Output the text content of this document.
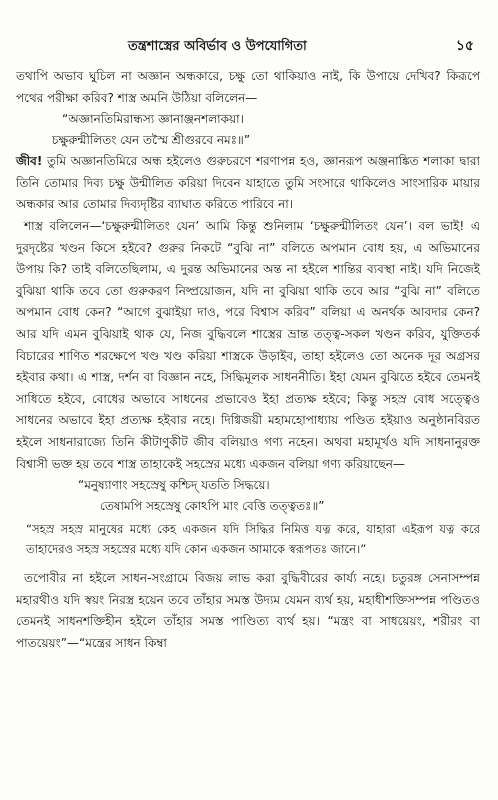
তন্ত্রশাস্ত্রের অবির্ভাব ও উপযোগিতা	১৫

তথাপি অভাব ঘুচিল না অজ্ঞান অন্ধকারে, চক্ষু তো থাকিয়াও নাই, কি উপায়ে দেখিব? কিরূপে পথের পরীক্ষা করিব? শাস্ত্র অমনি উঠিয়া বলিলেন—

“অজ্ঞানতিমিরান্ধস্য জ্ঞানাঞ্জনশলাকয়া।
চক্ষুরুন্মীলিতং যেন তস্মৈ শ্রীগুরবে নমঃ॥”

জীব! তুমি অজ্ঞানতিমিরে অন্ধ হইলেও গুরুচরণে শরণাপন্ন হও, জ্ঞানরূপ অঞ্জনাঙ্কিত শলাকা দ্বারা তিনি তোমার দিব্য চক্ষু উন্মীলিত করিয়া দিবেন যাহাতে তুমি সংসারে থাকিলেও সাংসারিক মায়ার অন্ধকার আর তোমার দিব্যদৃষ্টির ব্যাঘাত করিতে পারিবে না।

শাস্ত্র বলিলেন—‘চক্ষুরুন্মীলিতং যেন’ আমি কিন্তু শুনিলাম ‘চক্ষুরুন্মীলিতং যেন’। বল ভাই! এ দুরদৃষ্টের খণ্ডন কিসে হইবে? গুরুর নিকটে “বুঝি না” বলিতে অপমান বোধ হয়, এ অভিমানের উপায় কি? তাই বলিতেছিলাম, এ দুরন্ত অভিমানের অন্ত না হইলে শান্তির ব্যবস্থা নাই। যদি নিজেই বুঝিয়া থাকি তবে তো গুরুকরণ নিষ্প্রয়োজন, যদি না বুঝিয়া থাকি তবে আর “বুঝি না” বলিতে অপমান বোধ কেন? “আগে বুঝাইয়া দাও, পরে বিশ্বাস করিব” বলিয়া এ অনর্থক আবদার কেন? আর যদি এমন বুঝিয়াই থাক যে, নিজ বুদ্ধিবলে শাস্ত্রের ভ্রান্ত তত্ত্ব-সকল খণ্ডন করিব, যুক্তিতর্ক বিচারের শাণিত শরক্ষেপে খণ্ড খণ্ড করিয়া শাস্ত্রকে উড়াইব, তাহা হইলেও তো অনেক দূর অগ্রসর হইবার কথা। এ শাস্ত্র, দর্শন বা বিজ্ঞান নহে, সিদ্ধিমূলক সাধননীতি। ইহা যেমন বুঝিতে হইবে তেমনই সাধিতে হইবে, বোধের অভাবে সাধনের প্রভাবেও ইহা প্রত্যক্ষ হইবে; কিন্তু সহস্র বোধ সত্ত্বেও সাধনের অভাবে ইহা প্রত্যক্ষ হইবার নহে। দিগ্বিজয়ী মহামহোপাধ্যায় পণ্ডিত হইয়াও অনুষ্ঠানবিরত হইলে সাধনারাজ্যে তিনি কীটাণুকীট জীব বলিয়াও গণ্য নহেন। অথবা মহামূর্খও যদি সাধনানুরক্ত বিশ্বাসী ভক্ত হয় তবে শাস্ত্র তাহাকেই সহস্রের মধ্যে একজন বলিয়া গণ্য করিয়াছেন—

“মনুষ্যাণাং সহস্রেষু কশ্চিদ্ যততি সিদ্ধয়ে।
তেষামপি সহস্রেষু কোঽপি মাং বেত্তি তত্ত্বতঃ॥”

“সহস্র সহস্র মানুষের মধ্যে কেহ একজন যদি সিদ্ধির নিমিত্ত যত্ন করে, যাহারা এইরূপ যত্ন করে তাহাদেরও সহস্র সহস্রের মধ্যে যদি কোন একজন আমাকে স্বরূপতঃ জানে।”

তপোবীর না হইলে সাধন-সংগ্রামে বিজয় লাভ করা বুদ্ধিবীরের কার্য্য নহে। চতুরঙ্গ সেনাসম্পন্ন মহারথীও যদি স্বয়ং নিরস্ত্র হয়েন তবে তাঁহার সমস্ত উদ্যম যেমন ব্যর্থ হয়, মহাধীশক্তিসম্পন্ন পণ্ডিতও তেমনই সাধনশক্তিহীন হইলে তাঁহার সমস্ত পাণ্ডিত্য ব্যর্থ হয়। “মন্ত্রং বা সাধয়েয়ং, শরীরং বা পাতয়েয়ং”—“মন্ত্রের সাধন কিম্বা
